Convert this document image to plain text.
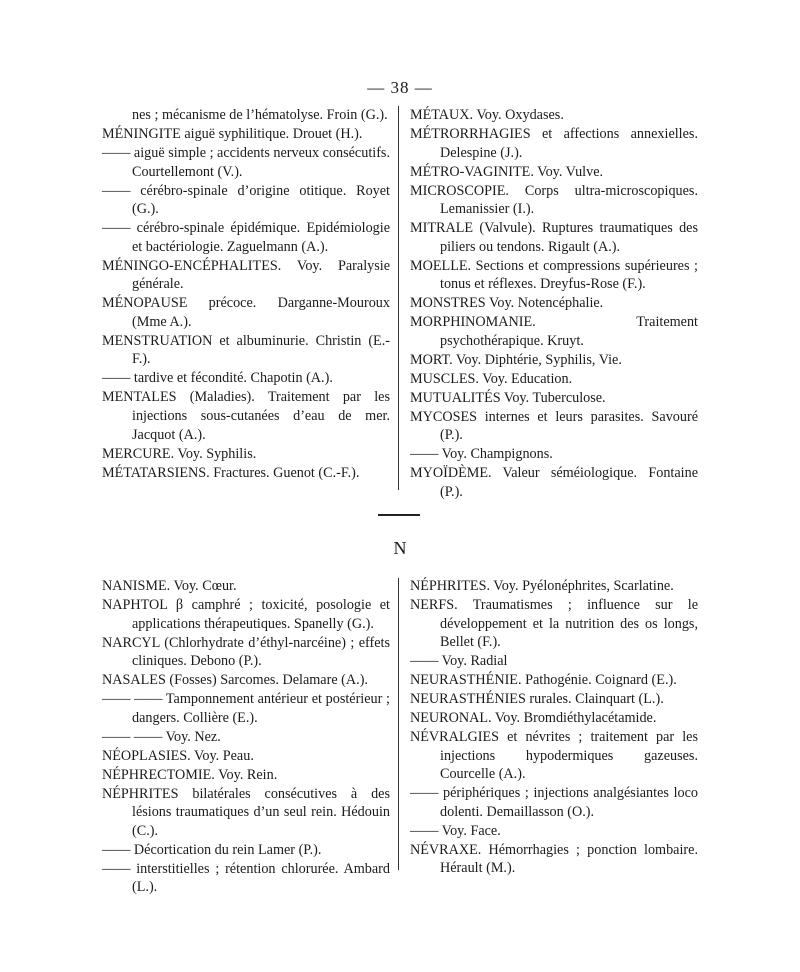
— 38 —
nes ; mécanisme de l’hématolyse. Froin (G.).
MÉNINGITE aiguë syphilitique. Drouet (H.).
—— aiguë simple ; accidents nerveux consécutifs. Courtellemont (V.).
—— cérébro-spinale d’origine otitique. Royet (G.).
—— cérébro-spinale épidémique. Epidémiologie et bactériologie. Zaguelmann (A.).
MÉNINGO-ENCÉPHALITES. Voy. Paralysie générale.
MÉNOPAUSE précoce. Darganne-Mouroux (Mme A.).
MENSTRUATION et albuminurie. Christin (E.-F.).
—— tardive et fécondité. Chapotin (A.).
MENTALES (Maladies). Traitement par les injections sous-cutanées d’eau de mer. Jacquot (A.).
MERCURE. Voy. Syphilis.
MÉTATARSIENS. Fractures. Guenot (C.-F.).
MÉTAUX. Voy. Oxydases.
MÉTRORRHAGIES et affections annexielles. Delespine (J.).
MÉTRO-VAGINITE. Voy. Vulve.
MICROSCOPIE. Corps ultra-microscopiques. Lemanissier (I.).
MITRALE (Valvule). Ruptures traumatiques des piliers ou tendons. Rigault (A.).
MOELLE. Sections et compressions supérieures ; tonus et réflexes. Dreyfus-Rose (F.).
MONSTRES Voy. Notencéphalie.
MORPHINOMANIE. Traitement psychothérapique. Kruyt.
MORT. Voy. Diphtérie, Syphilis, Vie.
MUSCLES. Voy. Education.
MUTUALITÉS Voy. Tuberculose.
MYCOSES internes et leurs parasites. Savouré (P.).
—— Voy. Champignons.
MYOÏDÈME. Valeur séméiologique. Fontaine (P.).
N
NANISME. Voy. Cœur.
NAPHTOL β camphré ; toxicité, posologie et applications thérapeutiques. Spanelly (G.).
NARCYL (Chlorhydrate d’éthyl-narcéine) ; effets cliniques. Debono (P.).
NASALES (Fosses) Sarcomes. Delamare (A.).
—— —— Tamponnement antérieur et postérieur ; dangers. Collière (E.).
—— —— Voy. Nez.
NÉOPLASIES. Voy. Peau.
NÉPHRECTOMIE. Voy. Rein.
NÉPHRITES bilatérales consécutives à des lésions traumatiques d’un seul rein. Hédouin (C.).
—— Décortication du rein Lamer (P.).
—— interstitielles ; rétention chlorurée. Ambard (L.).
NÉPHRITES. Voy. Pyélonéphrites, Scarlatine.
NERFS. Traumatismes ; influence sur le développement et la nutrition des os longs, Bellet (F.).
—— Voy. Radial
NEURASTHÉNIE. Pathogénie. Coignard (E.).
NEURASTHÉNIES rurales. Clainquart (L.).
NEURONAL. Voy. Bromdiéthylacétamide.
NÉVRALGIES et névrites ; traitement par les injections hypodermiques gazeuses. Courcelle (A.).
—— périphériques ; injections analgésiantes loco dolenti. Demaillasson (O.).
—— Voy. Face.
NÉVRAXE. Hémorrhagies ; ponction lombaire. Hérault (M.).
